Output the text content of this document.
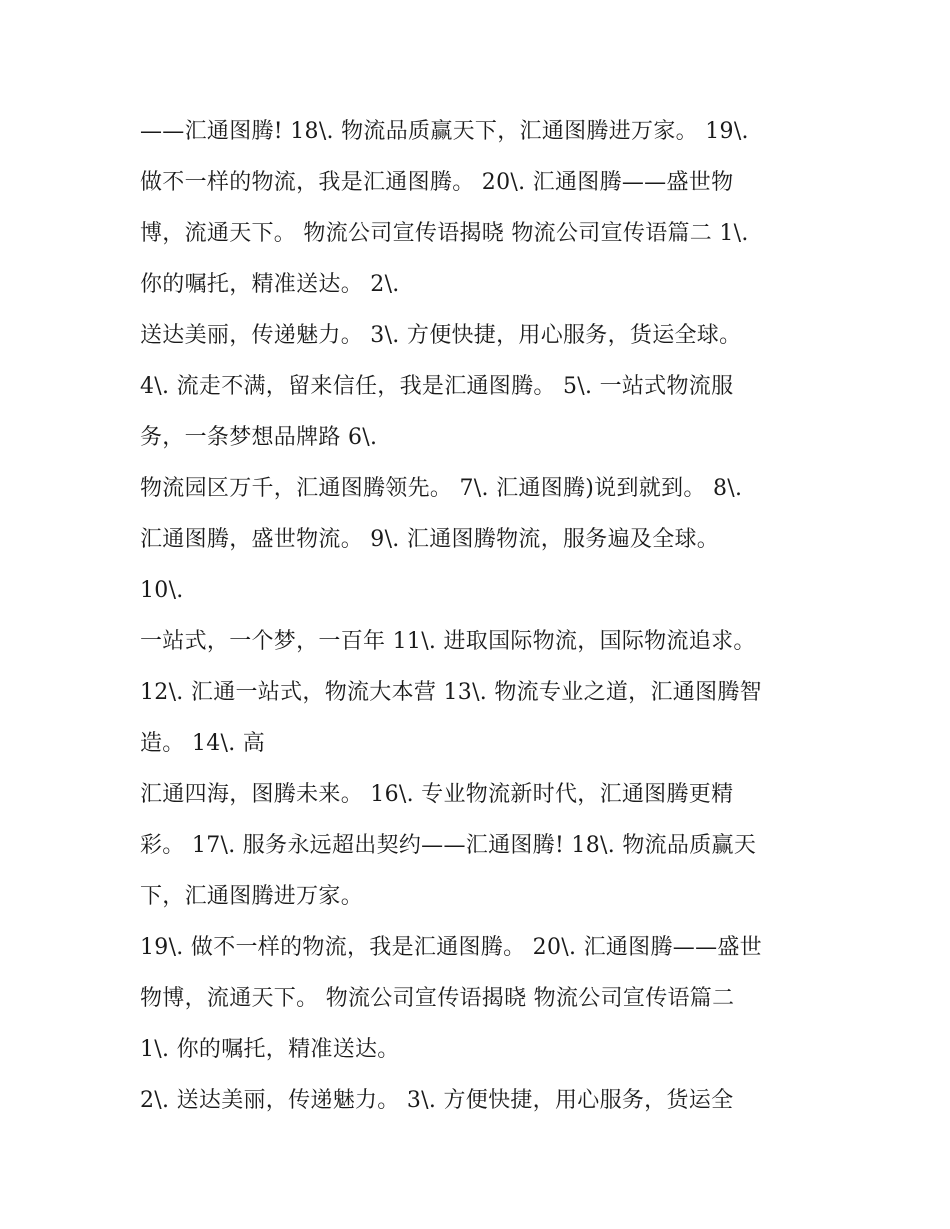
——汇通图腾! 18\. 物流品质赢天下，汇通图腾进万家。 19\.
做不一样的物流，我是汇通图腾。 20\. 汇通图腾——盛世物
博，流通天下。 物流公司宣传语揭晓 物流公司宣传语篇二 1\.
你的嘱托，精准送达。 2\.
送达美丽，传递魅力。 3\. 方便快捷，用心服务，货运全球。
4\. 流走不满，留来信任，我是汇通图腾。 5\. 一站式物流服
务，一条梦想品牌路 6\.
物流园区万千，汇通图腾领先。 7\. 汇通图腾)说到就到。 8\.
汇通图腾，盛世物流。 9\. 汇通图腾物流，服务遍及全球。
10\.
一站式，一个梦，一百年 11\. 进取国际物流，国际物流追求。
12\. 汇通一站式，物流大本营 13\. 物流专业之道，汇通图腾智
造。 14\. 高
汇通四海，图腾未来。 16\. 专业物流新时代，汇通图腾更精
彩。 17\. 服务永远超出契约——汇通图腾! 18\. 物流品质赢天
下，汇通图腾进万家。
19\. 做不一样的物流，我是汇通图腾。 20\. 汇通图腾——盛世
物博，流通天下。 物流公司宣传语揭晓 物流公司宣传语篇二
1\. 你的嘱托，精准送达。
2\. 送达美丽，传递魅力。 3\. 方便快捷，用心服务，货运全
